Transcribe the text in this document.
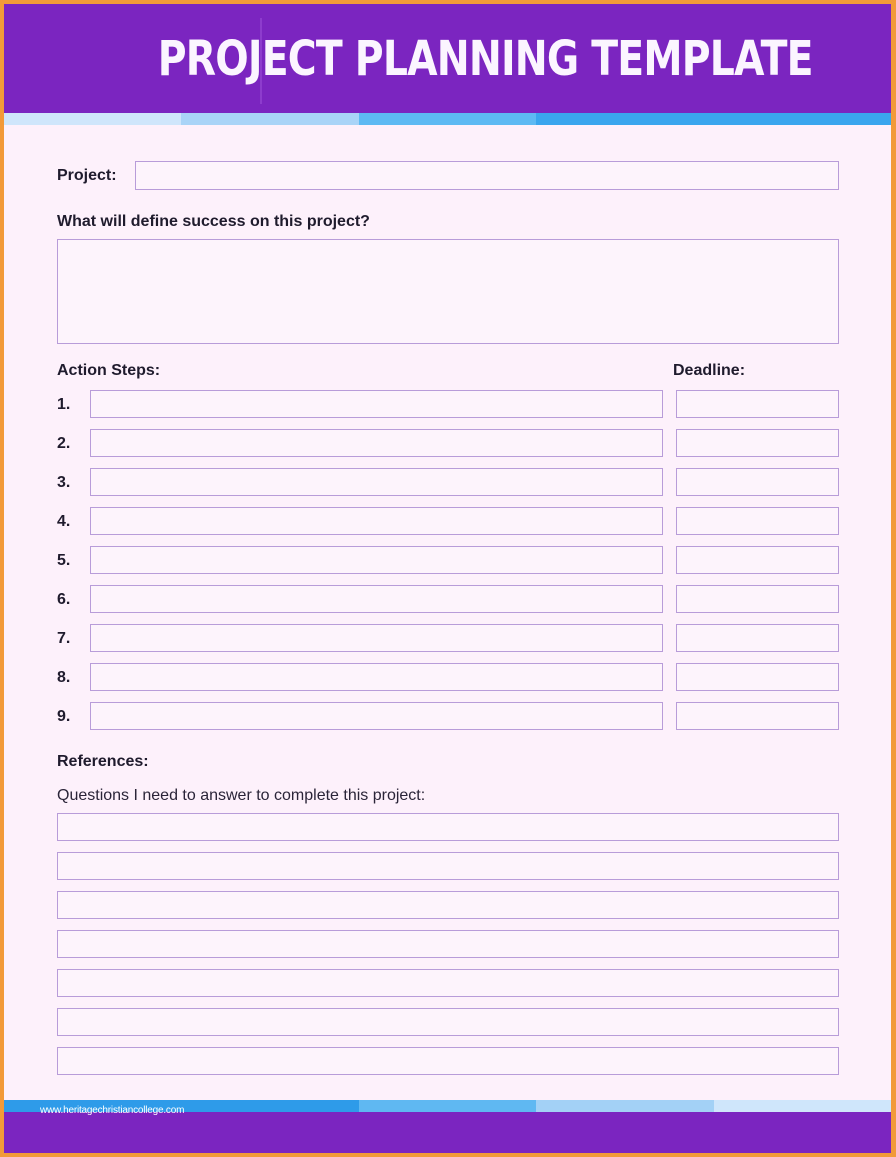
PROJECT PLANNING TEMPLATE
Project:
What will define success on this project?
Action Steps:	Deadline:
1.
2.
3.
4.
5.
6.
7.
8.
9.
References:
Questions I need to answer to complete this project:
www.heritagechristiancollege.com
